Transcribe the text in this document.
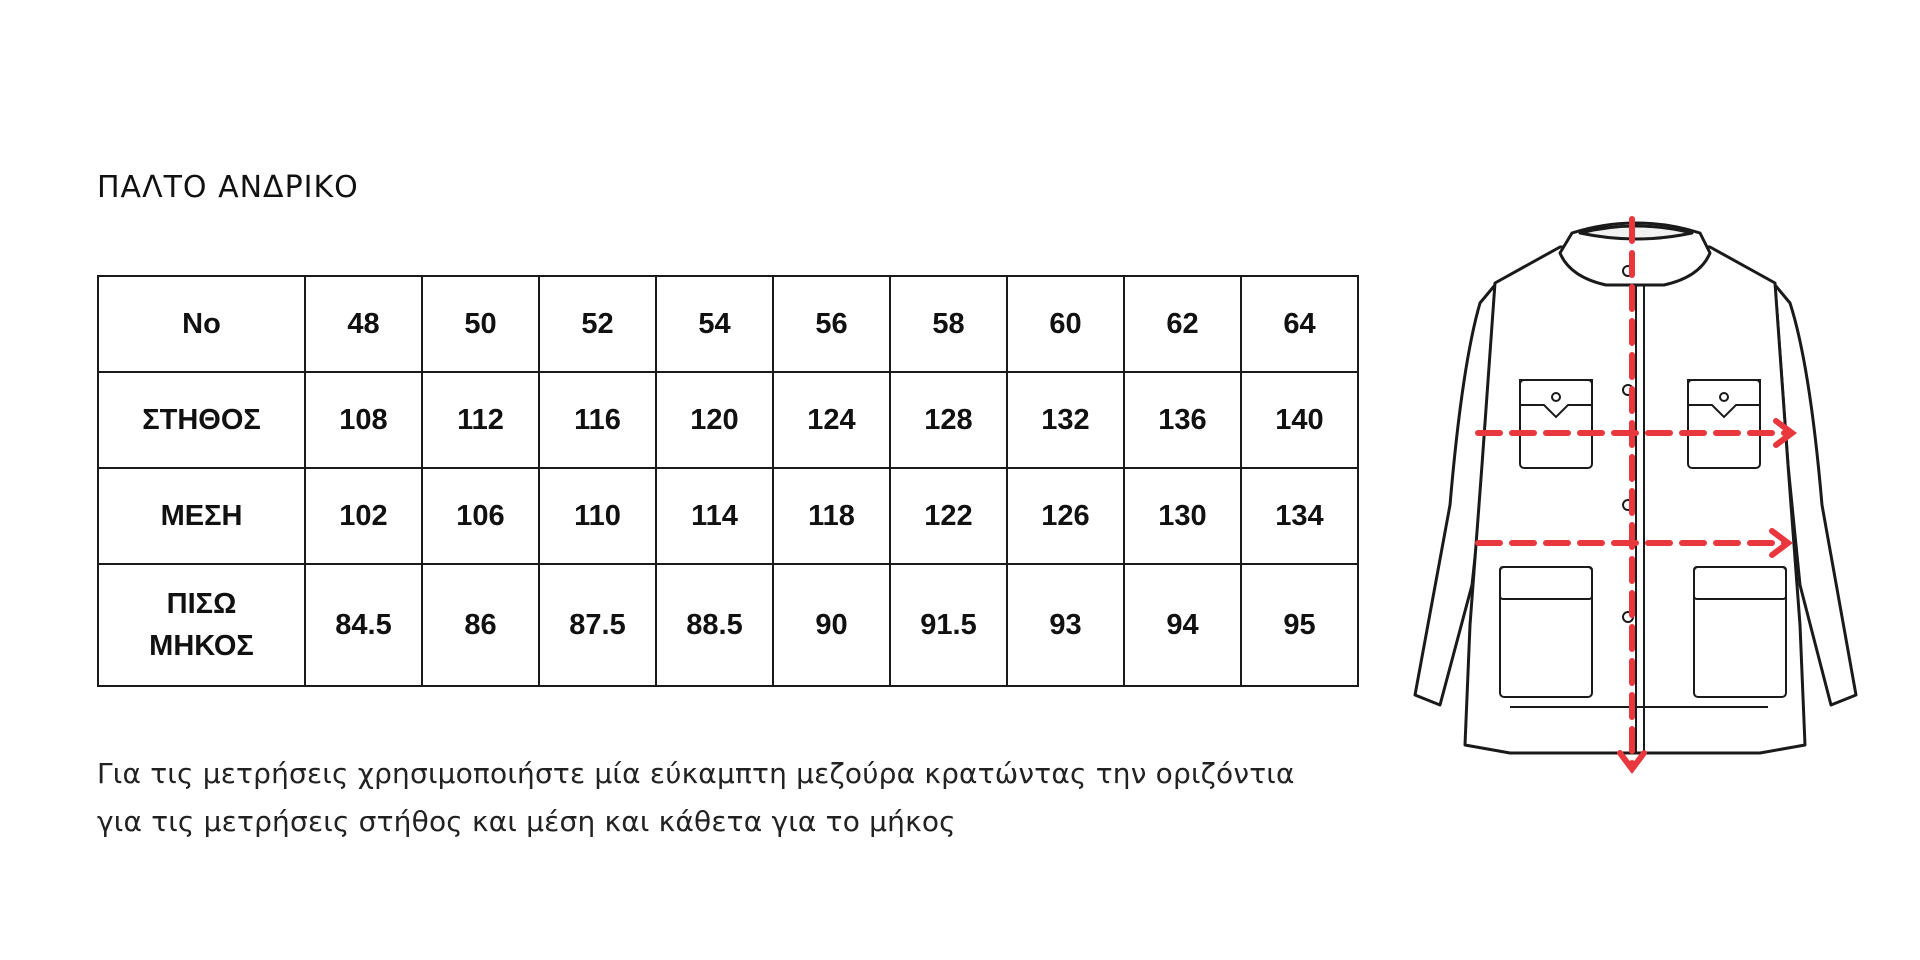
ΠΑΛΤΟ ΑΝΔΡΙΚΟ
No	48	50	52	54	56	58	60	62	64
ΣΤΗΘΟΣ	108	112	116	120	124	128	132	136	140
ΜΕΣΗ	102	106	110	114	118	122	126	130	134

ΠΙΣΩ
ΜΗΚΟΣ	84.5	86	87.5	88.5	90	91.5	93	94	95
Για τις μετρήσεις χρησιμοποιήστε μία εύκαμπτη μεζούρα κρατώντας την οριζόντια
για τις μετρήσεις στήθος και μέση και κάθετα για το μήκος
